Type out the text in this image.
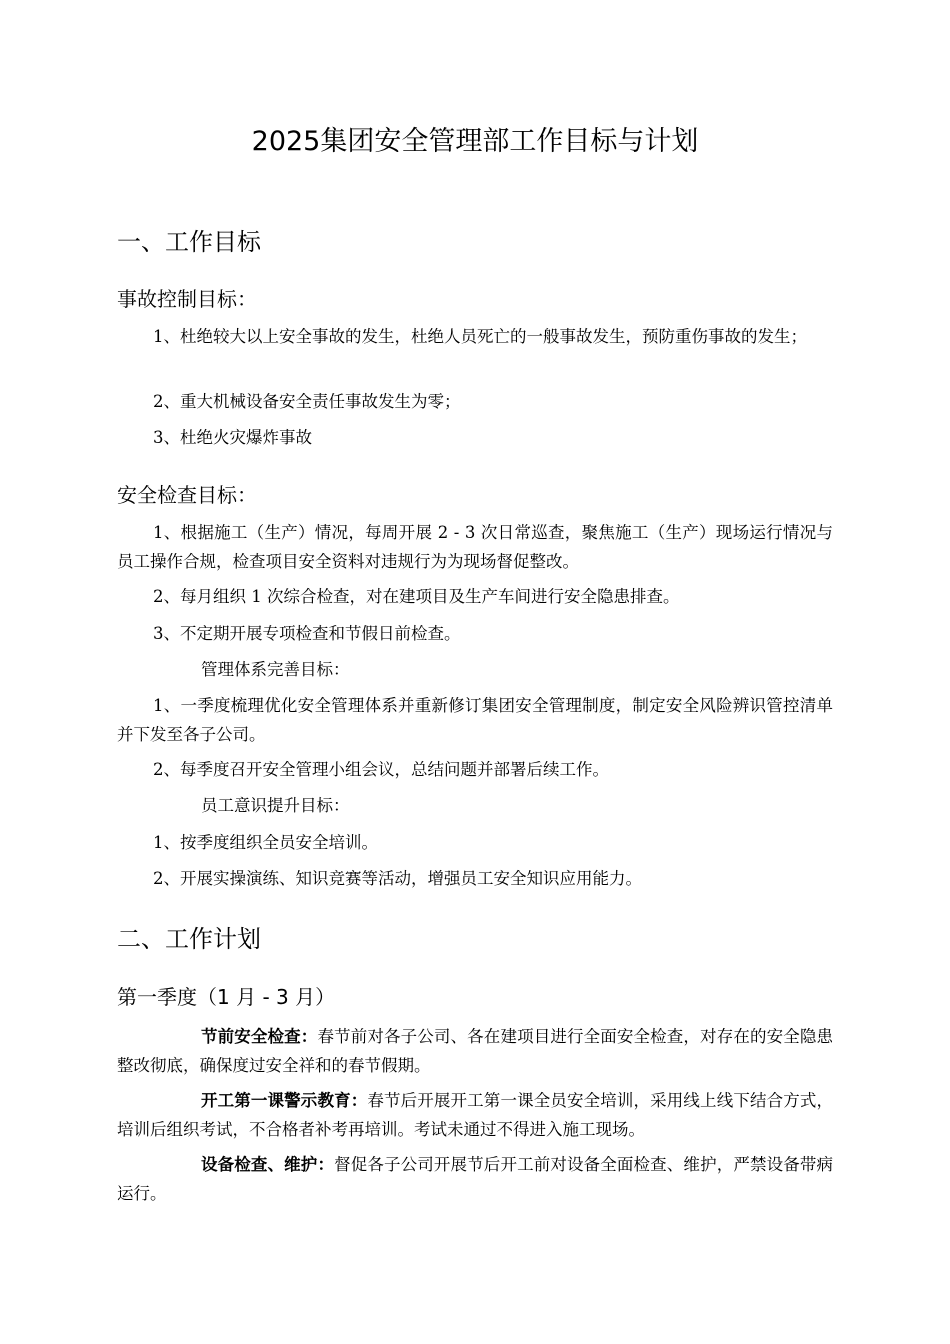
2025集团安全管理部工作目标与计划
一、工作目标
事故控制目标：
1、杜绝较大以上安全事故的发生，杜绝人员死亡的一般事故发生，预防重伤事故的发生；
2、重大机械设备安全责任事故发生为零；
3、杜绝火灾爆炸事故
安全检查目标：
1、根据施工（生产）情况，每周开展 2 - 3 次日常巡查，聚焦施工（生产）现场运行情况与员工操作合规，检查项目安全资料对违规行为为现场督促整改。
2、每月组织 1 次综合检查，对在建项目及生产车间进行安全隐患排查。
3、不定期开展专项检查和节假日前检查。
管理体系完善目标：
1、一季度梳理优化安全管理体系并重新修订集团安全管理制度，制定安全风险辨识管控清单并下发至各子公司。
2、每季度召开安全管理小组会议，总结问题并部署后续工作。
员工意识提升目标：
1、按季度组织全员安全培训。
2、开展实操演练、知识竞赛等活动，增强员工安全知识应用能力。
二、工作计划
第一季度（1 月 - 3 月）
节前安全检查：春节前对各子公司、各在建项目进行全面安全检查，对存在的安全隐患整改彻底，确保度过安全祥和的春节假期。
开工第一课警示教育：春节后开展开工第一课全员安全培训，采用线上线下结合方式，培训后组织考试，不合格者补考再培训。考试未通过不得进入施工现场。
设备检查、维护：督促各子公司开展节后开工前对设备全面检查、维护，严禁设备带病运行。
